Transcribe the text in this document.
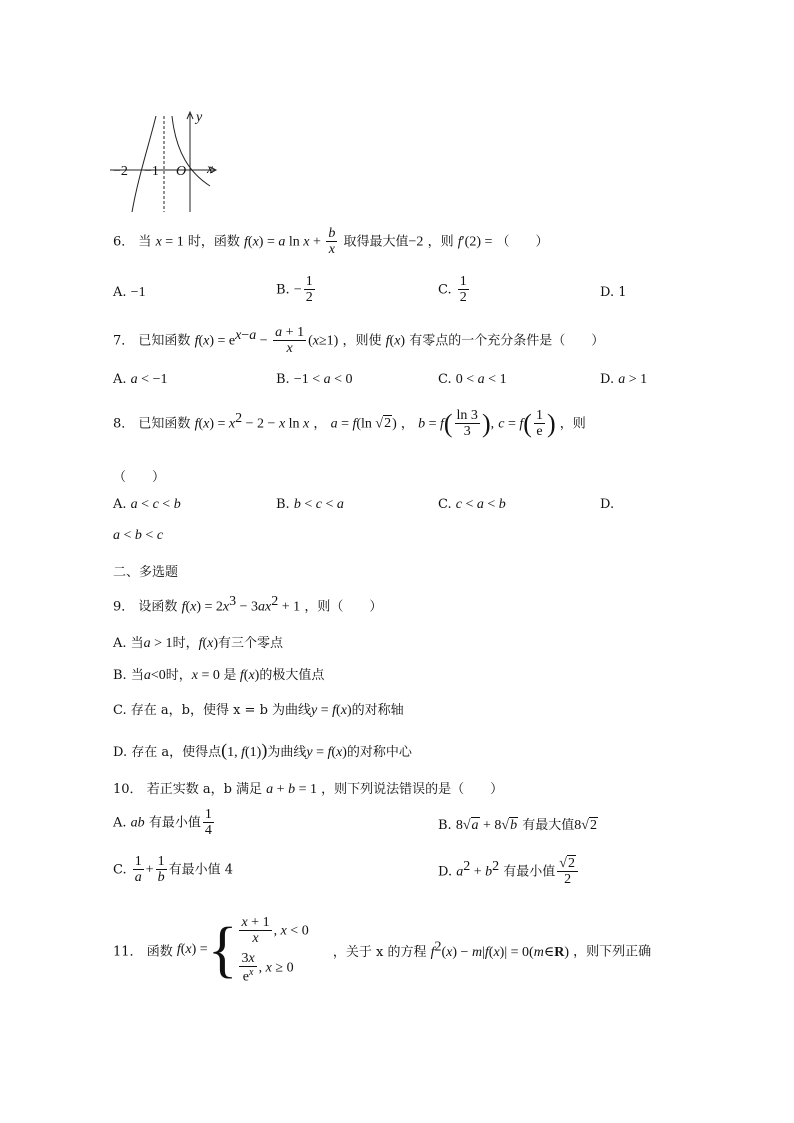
y
x
O
−2 −1
6． 当 x = 1 时，函数 f(x) = a $\ln x + \frac{b}{x}$ 取得最大值−2 ，则 f′(2) = （　　）
A. −1	B. − $\frac{1}{2}$	C. $\frac{1}{2}$	D. 1
7． 已知函数 $f(x) = e^{x-a} - \frac{a + 1}{x} (x\ge 1)$ ，则使 f(x) 有零点的一个充分条件是（　　）
A. a < −1	B. −1 < a < 0	C. 0 < a < 1	D. a > 1
8． 已知函数 $f(x) = x^2 - 2 - x$ ln x ， a = f(ln √2) ， $b = f( \frac{\ln 3}{3}$ ), $c = f( \frac{1}{e}$ ) ，则
（　　）
A. a < c < b	B. b < c < a	C. c < a < b	D.
a < b < c
二、多选题
9． 设函数 $f(x) = 2x^3 - 3ax^2 + 1$ ，则（　　）
A. 当a > 1时，f(x)有三个零点
B. 当a<0时，x = 0 是 f(x)的极大值点
C. 存在 a，b，使得 x = b 为曲线y = f(x)的对称轴
D. 存在 a，使得点(1, f(1))为曲线y = f(x)的对称中心
10． 若正实数 a，b 满足 a + b = 1 ，则下列说法错误的是（　　）
A. ab 有最小值 $\frac{1}{4}$	B. 8√a + 8√b 有最大值8√2
C. $\frac{1}{a} + \frac{1}{b}$ 有最小值 4	D. $a^2 + b^2$ 有最小值 $\frac{√2}{2}$
11． 函数 f(x) ={ $\frac{x + 1}{x}$ , x < 0
$\frac{3x}{e^x}$ , x ≥ 0
，关于 x 的方程 $f^2(x) - m|f(x)|$ = 0(m∈R) ，则下列正确
